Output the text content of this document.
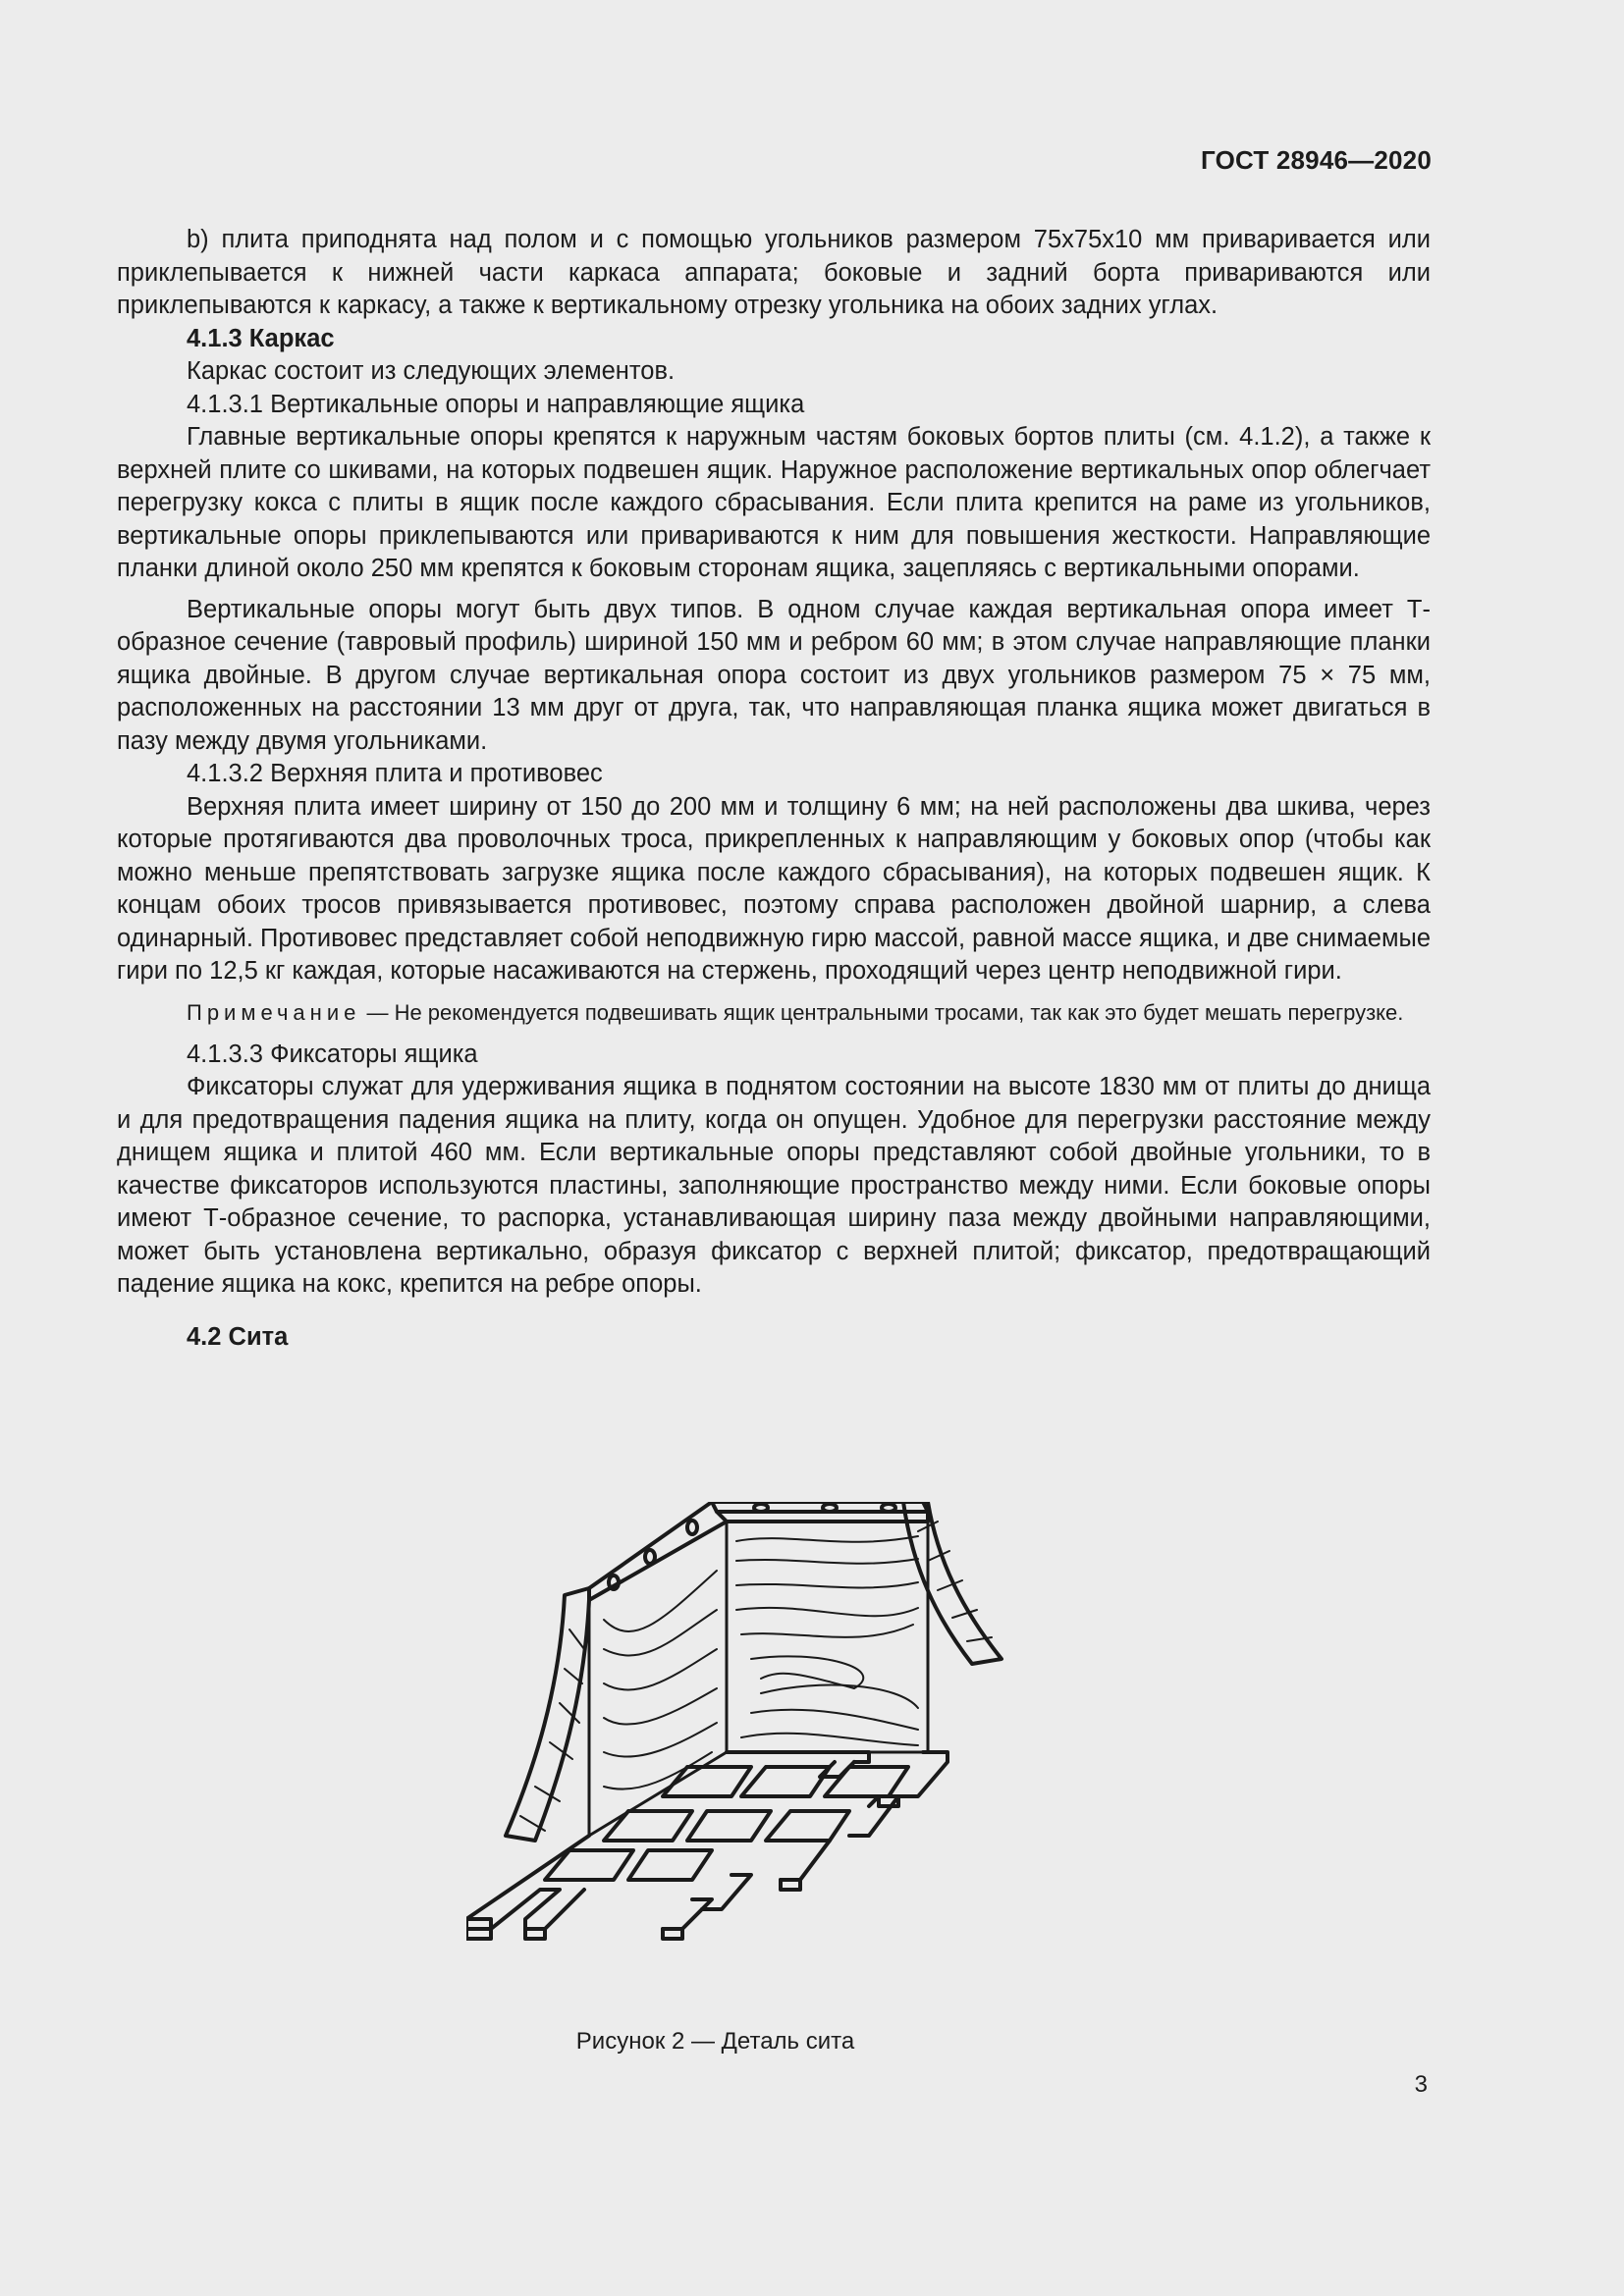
ГОСТ 28946—2020

b) плита приподнята над полом и с помощью угольников размером 75x75x10 мм приваривается или приклепывается к нижней части каркаса аппарата; боковые и задний борта привариваются или приклепываются к каркасу, а также к вертикальному отрезку угольника на обоих задних углах.

4.1.3 Каркас

Каркас состоит из следующих элементов.

4.1.3.1 Вертикальные опоры и направляющие ящика

Главные вертикальные опоры крепятся к наружным частям боковых бортов плиты (см. 4.1.2), а также к верхней плите со шкивами, на которых подвешен ящик. Наружное расположение вертикальных опор облегчает перегрузку кокса с плиты в ящик после каждого сбрасывания. Если плита крепится на раме из угольников, вертикальные опоры приклепываются или привариваются к ним для повышения жесткости. Направляющие планки длиной около 250 мм крепятся к боковым сторонам ящика, зацепляясь с вертикальными опорами.

Вертикальные опоры могут быть двух типов. В одном случае каждая вертикальная опора имеет Т-образное сечение (тавровый профиль) шириной 150 мм и ребром 60 мм; в этом случае направляющие планки ящика двойные. В другом случае вертикальная опора состоит из двух угольников размером 75 × 75 мм, расположенных на расстоянии 13 мм друг от друга, так, что направляющая планка ящика может двигаться в пазу между двумя угольниками.

4.1.3.2 Верхняя плита и противовес

Верхняя плита имеет ширину от 150 до 200 мм и толщину 6 мм; на ней расположены два шкива, через которые протягиваются два проволочных троса, прикрепленных к направляющим у боковых опор (чтобы как можно меньше препятствовать загрузке ящика после каждого сбрасывания), на которых подвешен ящик. К концам обоих тросов привязывается противовес, поэтому справа расположен двойной шарнир, а слева одинарный. Противовес представляет собой неподвижную гирю массой, равной массе ящика, и две снимаемые гири по 12,5 кг каждая, которые насаживаются на стержень, проходящий через центр неподвижной гири.

Примечание — Не рекомендуется подвешивать ящик центральными тросами, так как это будет мешать перегрузке.

4.1.3.3 Фиксаторы ящика

Фиксаторы служат для удерживания ящика в поднятом состоянии на высоте 1830 мм от плиты до днища и для предотвращения падения ящика на плиту, когда он опущен. Удобное для перегрузки расстояние между днищем ящика и плитой 460 мм. Если вертикальные опоры представляют собой двойные угольники, то в качестве фиксаторов используются пластины, заполняющие пространство между ними. Если боковые опоры имеют Т-образное сечение, то распорка, устанавливающая ширину паза между двойными направляющими, может быть установлена вертикально, образуя фиксатор с верхней плитой; фиксатор, предотвращающий падение ящика на кокс, крепится на ребре опоры.

4.2 Сита

Рисунок 2 — Деталь сита
3
